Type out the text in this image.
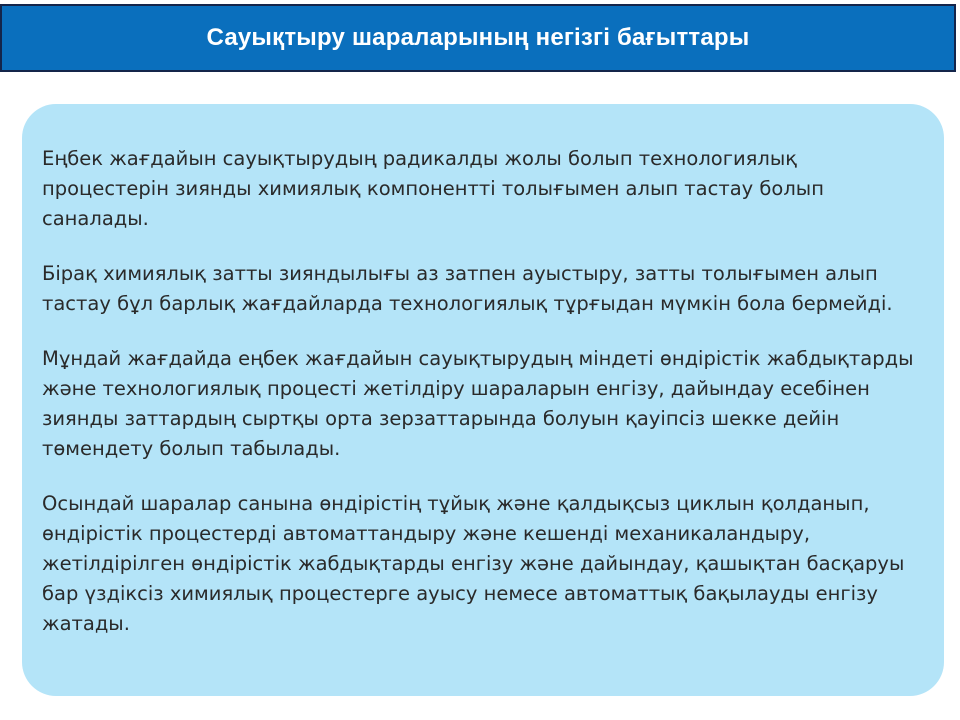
Сауықтыру шараларының негізгі бағыттары

Еңбек жағдайын сауықтырудың радикалды жолы болып технологиялық процестерін зиянды химиялық компонентті толығымен алып тастау болып саналады.

Бірақ химиялық затты зияндылығы аз затпен ауыстыру, затты толығымен алып тастау бұл барлық жағдайларда технологиялық тұрғыдан мүмкін бола бермейді.

Мұндай жағдайда еңбек жағдайын сауықтырудың міндеті өндірістік жабдықтарды және технологиялық процесті жетілдіру шараларын енгізу, дайындау есебінен зиянды заттардың сыртқы орта зерзаттарында болуын қауіпсіз шекке дейін төмендету болып табылады.

Осындай шаралар санына өндірістің тұйық және қалдықсыз циклын қолданып, өндірістік процестерді автоматтандыру және кешенді механикаландыру, жетілдірілген өндірістік жабдықтарды енгізу және дайындау, қашықтан басқаруы бар үздіксіз химиялық процестерге ауысу немесе автоматтық бақылауды енгізу жатады.
